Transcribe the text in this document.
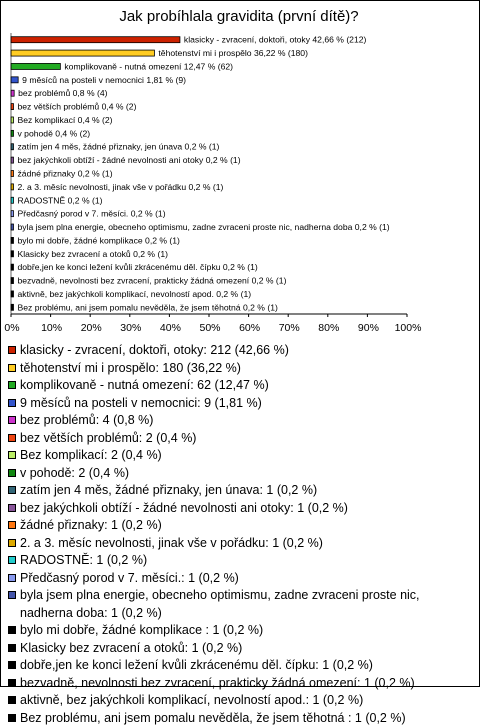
Jak probíhlala gravidita (první dítě)?
klasicky - zvracení, doktoři, otoky 42,66 % (212)
těhotenství mi i prospělo 36,22 % (180)
komplikovaně - nutná omezení 12,47 % (62)
9 měsíců na posteli v nemocnici 1,81 % (9)
bez problémů 0,8 % (4)
bez větších problémů 0,4 % (2)
Bez komplikací 0,4 % (2)
v pohodě 0,4 % (2)
zatím jen 4 měs, žádné přiznaky, jen únava 0,2 % (1)
bez jakýchkoli obtíží - žádné nevolnosti ani otoky 0,2 % (1)
žádné přiznaky 0,2 % (1)
2. a 3. měsíc nevolnosti, jinak vše v pořádku 0,2 % (1)
RADOSTNĚ 0,2 % (1)
Předčasný porod v 7. měsíci. 0,2 % (1)
byla jsem plna energie, obecneho optimismu, zadne zvraceni proste nic, nadherna doba 0,2 % (1)
bylo mi dobře, žádné komplikace 0,2 % (1)
Klasicky bez zvracení a otoků 0,2 % (1)
dobře,jen ke konci ležení kvůli zkrácenému děl. čípku 0,2 % (1)
bezvadně, nevolnosti bez zvracení, prakticky žádná omezení 0,2 % (1)
aktivně, bez jakýchkoli komplikací, nevolností apod. 0,2 % (1)
Bez problému, ani jsem pomalu nevěděla, že jsem těhotná 0,2 % (1)
0% 10% 20% 30% 40% 50% 60% 70% 80% 90% 100%
klasicky - zvracení, doktoři, otoky: 212 (42,66 %)
těhotenství mi i prospělo: 180 (36,22 %)
komplikovaně - nutná omezení: 62 (12,47 %)
9 měsíců na posteli v nemocnici: 9 (1,81 %)
bez problémů: 4 (0,8 %)
bez větších problémů: 2 (0,4 %)
Bez komplikací: 2 (0,4 %)
v pohodě: 2 (0,4 %)
zatím jen 4 měs, žádné přiznaky, jen únava: 1 (0,2 %)
bez jakýchkoli obtíží - žádné nevolnosti ani otoky: 1 (0,2 %)
žádné přiznaky: 1 (0,2 %)
2. a 3. měsíc nevolnosti, jinak vše v pořádku: 1 (0,2 %)
RADOSTNĚ: 1 (0,2 %)
Předčasný porod v 7. měsíci.: 1 (0,2 %)
byla jsem plna energie, obecneho optimismu, zadne zvraceni proste nic, nadherna doba: 1 (0,2 %)
bylo mi dobře, žádné komplikace : 1 (0,2 %)
Klasicky bez zvracení a otoků: 1 (0,2 %)
dobře,jen ke konci ležení kvůli zkrácenému děl. čípku: 1 (0,2 %)
bezvadně, nevolnosti bez zvracení, prakticky žádná omezení: 1 (0,2 %)
aktivně, bez jakýchkoli komplikací, nevolností apod.: 1 (0,2 %)
Bez problému, ani jsem pomalu nevěděla, že jsem těhotná : 1 (0,2 %)
